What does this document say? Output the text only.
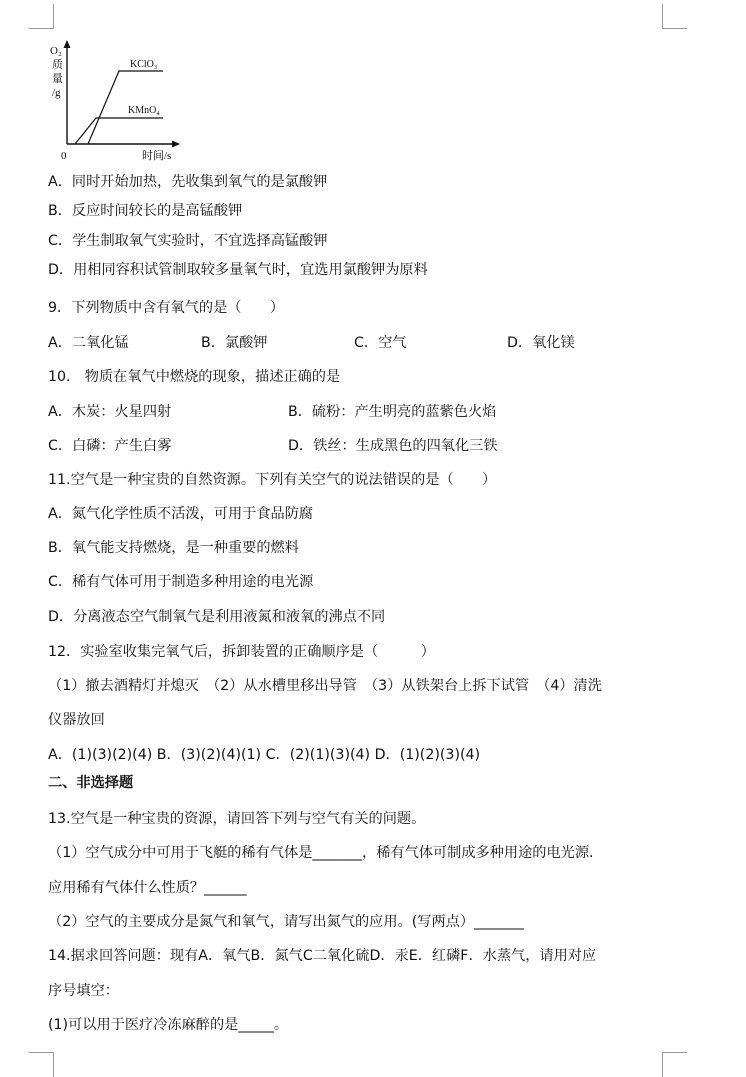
O₂
质
量
/g
0	时间/s
KClO₃
KMnO₄
A．同时开始加热，先收集到氧气的是氯酸钾
B．反应时间较长的是高锰酸钾
C．学生制取氧气实验时，不宜选择高锰酸钾
D．用相同容积试管制取较多量氧气时，宜选用氯酸钾为原料
9．下列物质中含有氧气的是（　　）
A．二氧化锰	B．氯酸钾	C．空气	D．氧化镁
10． 物质在氧气中燃烧的现象，描述正确的是
A．木炭：火星四射	B．硫粉：产生明亮的蓝紫色火焰
C．白磷：产生白雾	D．铁丝：生成黑色的四氧化三铁
11.空气是一种宝贵的自然资源。下列有关空气的说法错误的是（　　）
A．氮气化学性质不活泼，可用于食品防腐
B．氧气能支持燃烧，是一种重要的燃料
C．稀有气体可用于制造多种用途的电光源
D．分离液态空气制氧气是利用液氮和液氧的沸点不同
12．实验室收集完氧气后，拆卸装置的正确顺序是（　　　）
（1）撤去酒精灯并熄灭　（2）从水槽里移出导管　（3）从铁架台上拆下试管　（4）清洗
仪器放回
A．(1)(3)(2)(4) B．(3)(2)(4)(1) C．(2)(1)(3)(4) D．(1)(2)(3)(4)
二、非选择题
13.空气是一种宝贵的资源，请回答下列与空气有关的问题。
（1）空气成分中可用于飞艇的稀有气体是_______，稀有气体可制成多种用途的电光源.
应用稀有气体什么性质？______
（2）空气的主要成分是氮气和氧气，请写出氮气的应用。(写两点）_______
14.据求回答问题：现有A．氧气B．氮气C二氧化硫D．汞E．红磷F．水蒸气，请用对应
序号填空：
(1)可以用于医疗冷冻麻醉的是_____。
